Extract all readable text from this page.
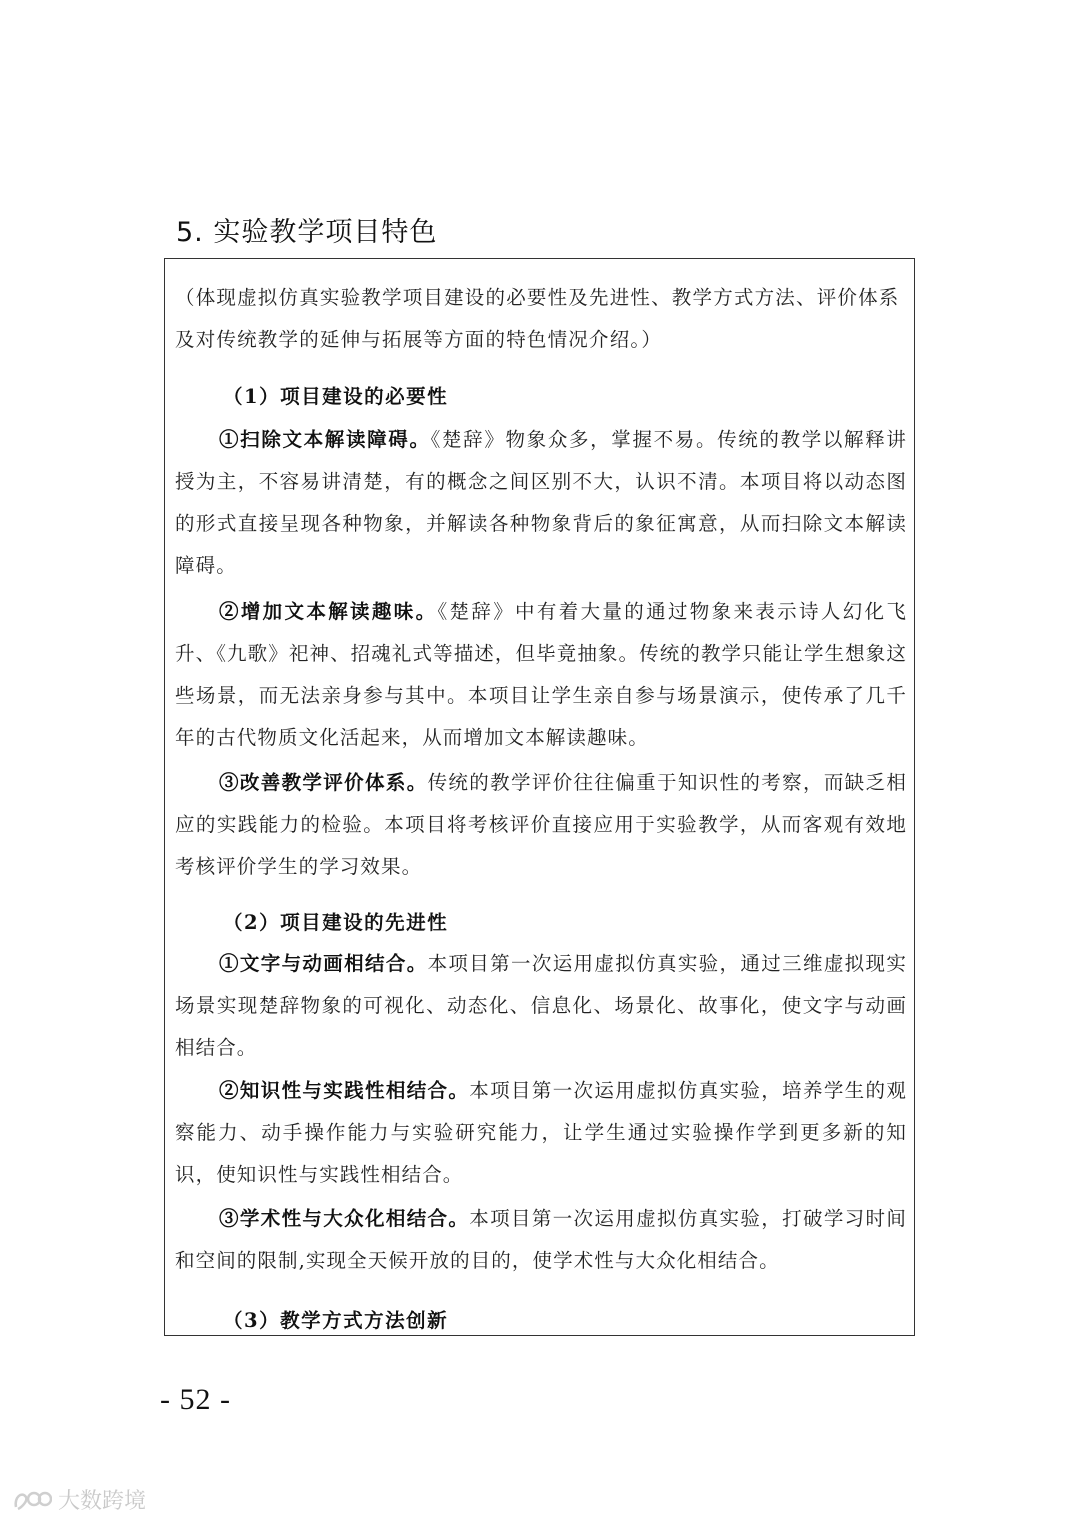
5. 实验教学项目特色

（体现虚拟仿真实验教学项目建设的必要性及先进性、教学方式方法、评价体系及对传统教学的延伸与拓展等方面的特色情况介绍。）

（1）项目建设的必要性

①扫除文本解读障碍。《楚辞》物象众多，掌握不易。传统的教学以解释讲授为主，不容易讲清楚，有的概念之间区别不大，认识不清。本项目将以动态图的形式直接呈现各种物象，并解读各种物象背后的象征寓意，从而扫除文本解读障碍。

②增加文本解读趣味。《楚辞》中有着大量的通过物象来表示诗人幻化飞升、《九歌》祀神、招魂礼式等描述，但毕竟抽象。传统的教学只能让学生想象这些场景，而无法亲身参与其中。本项目让学生亲自参与场景演示，使传承了几千年的古代物质文化活起来，从而增加文本解读趣味。

③改善教学评价体系。传统的教学评价往往偏重于知识性的考察，而缺乏相应的实践能力的检验。本项目将考核评价直接应用于实验教学，从而客观有效地考核评价学生的学习效果。

（2）项目建设的先进性

①文字与动画相结合。本项目第一次运用虚拟仿真实验，通过三维虚拟现实场景实现楚辞物象的可视化、动态化、信息化、场景化、故事化，使文字与动画相结合。

②知识性与实践性相结合。本项目第一次运用虚拟仿真实验，培养学生的观察能力、动手操作能力与实验研究能力，让学生通过实验操作学到更多新的知识，使知识性与实践性相结合。

③学术性与大众化相结合。本项目第一次运用虚拟仿真实验，打破学习时间和空间的限制,实现全天候开放的目的，使学术性与大众化相结合。

（3）教学方式方法创新

- 52 -
大数跨境
